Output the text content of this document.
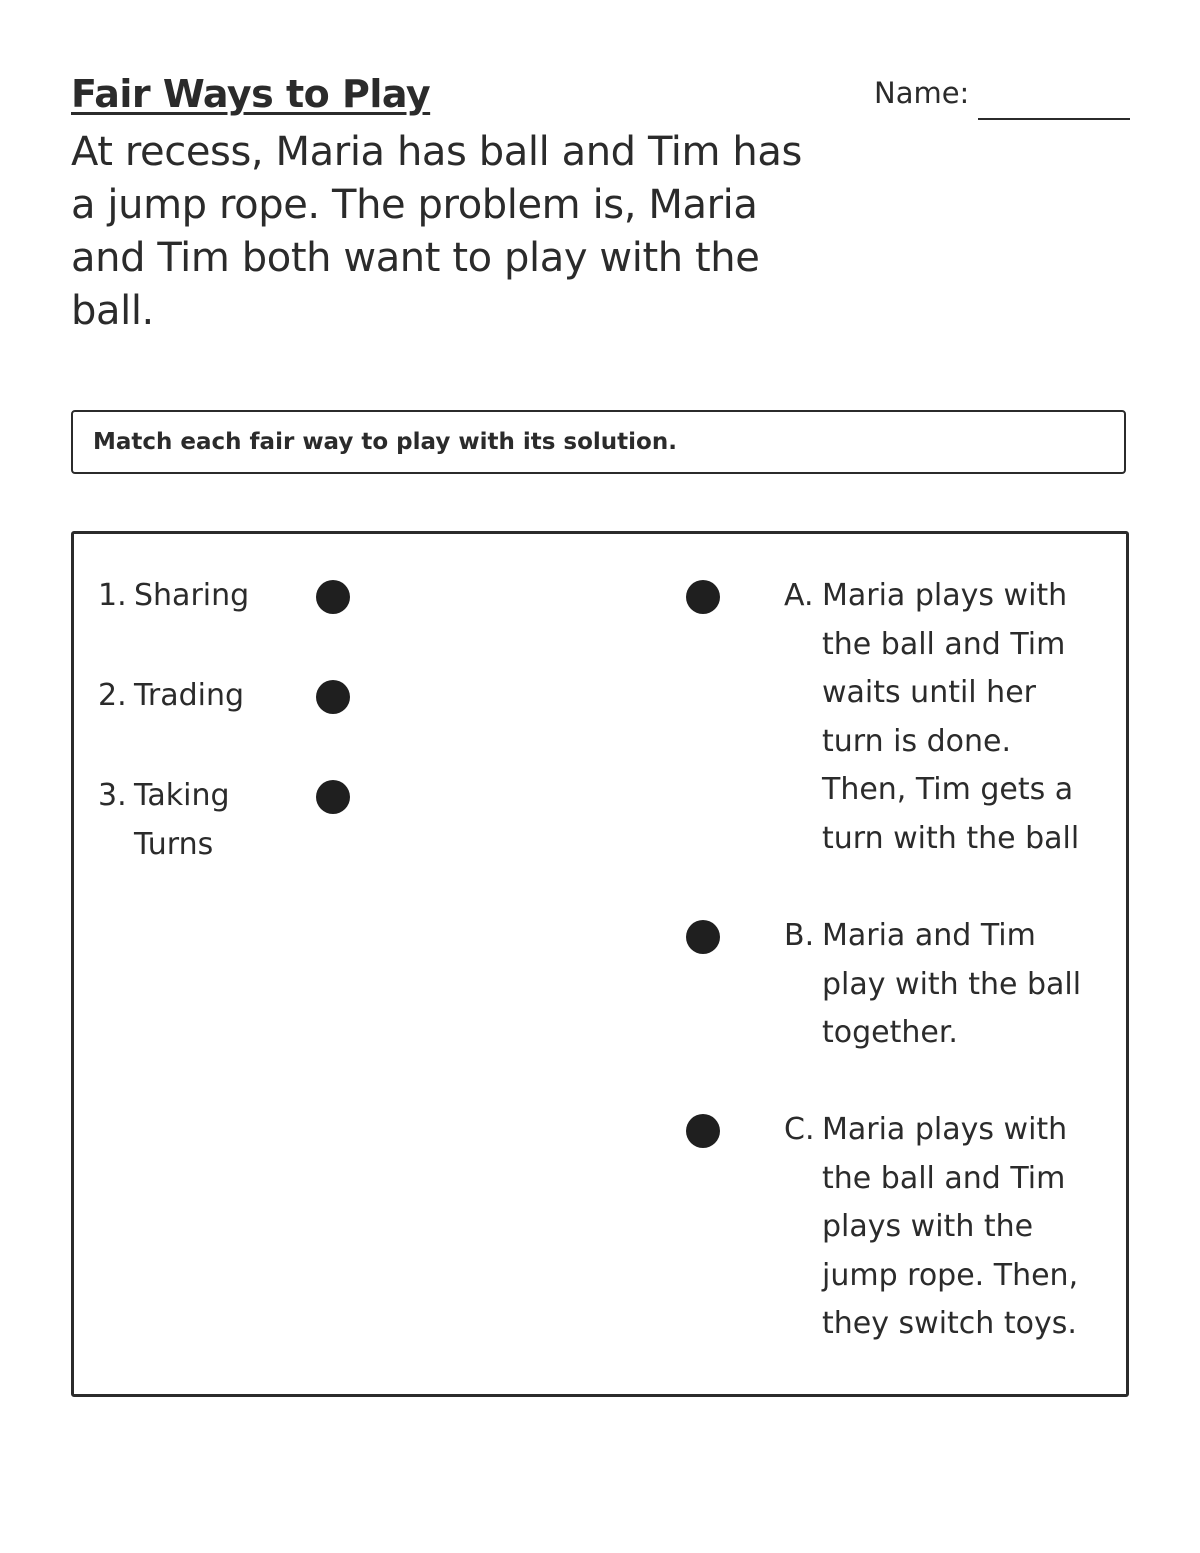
Fair Ways to Play	Name:

At recess, Maria has ball and Tim has a jump rope. The problem is, Maria and Tim both want to play with the ball.

Match each fair way to play with its solution.
1. Sharing
2. Trading
3. Taking Turns
A. Maria plays with the ball and Tim waits until her turn is done. Then, Tim gets a turn with the ball
B. Maria and Tim play with the ball together.
C. Maria plays with the ball and Tim plays with the jump rope. Then, they switch toys.
